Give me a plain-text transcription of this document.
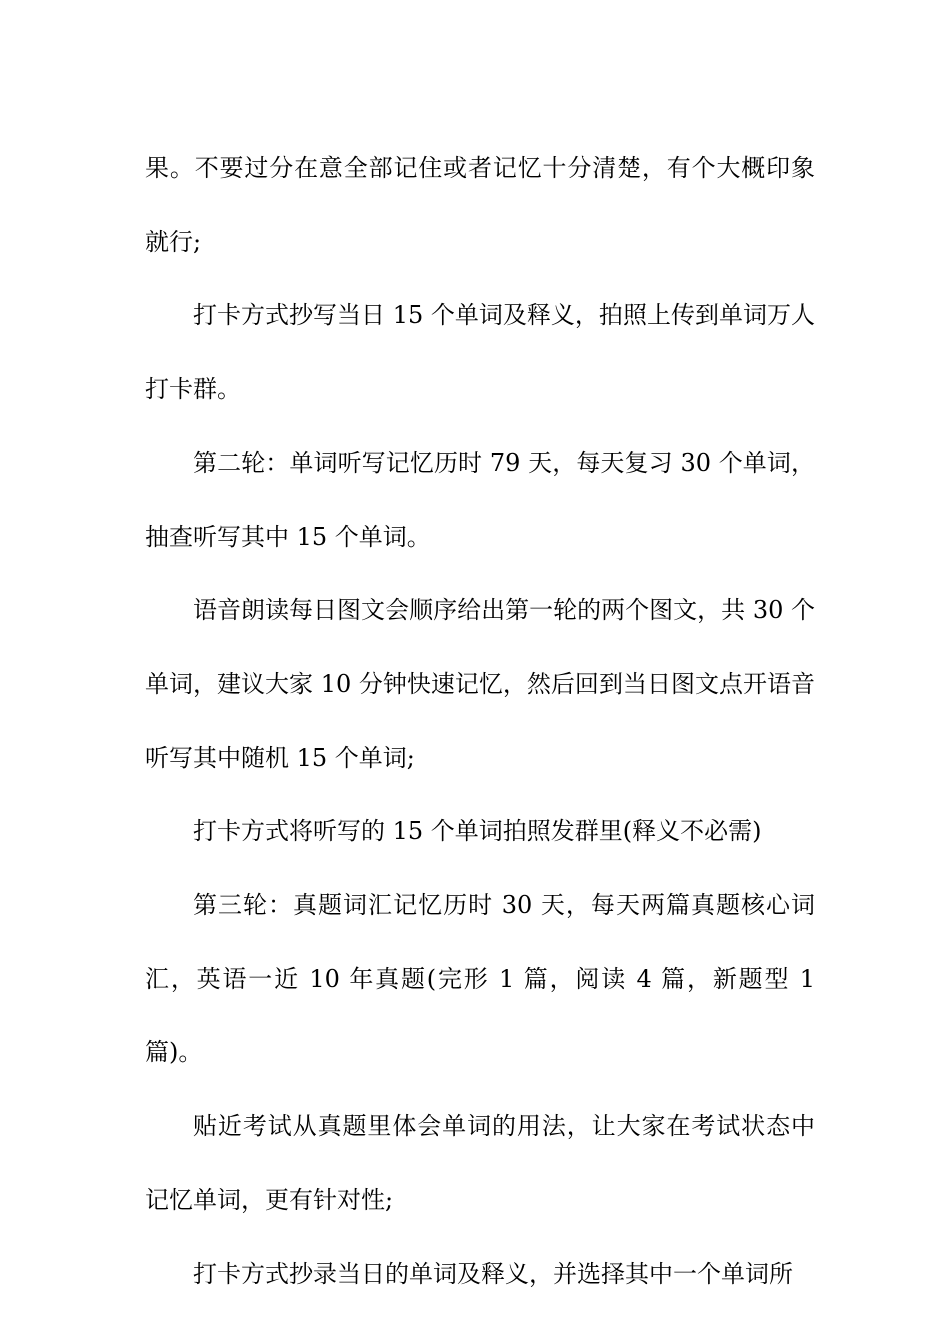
果。不要过分在意全部记住或者记忆十分清楚，有个大概印象就行;

打卡方式抄写当日 15 个单词及释义，拍照上传到单词万人打卡群。

第二轮：单词听写记忆历时 79 天，每天复习 30 个单词，抽查听写其中 15 个单词。

语音朗读每日图文会顺序给出第一轮的两个图文，共 30 个单词，建议大家 10 分钟快速记忆，然后回到当日图文点开语音听写其中随机 15 个单词;

打卡方式将听写的 15 个单词拍照发群里(释义不必需)

第三轮：真题词汇记忆历时 30 天，每天两篇真题核心词汇，英语一近 10 年真题(完形 1 篇，阅读 4 篇，新题型 1 篇)。

贴近考试从真题里体会单词的用法，让大家在考试状态中记忆单词，更有针对性;

打卡方式抄录当日的单词及释义，并选择其中一个单词所
